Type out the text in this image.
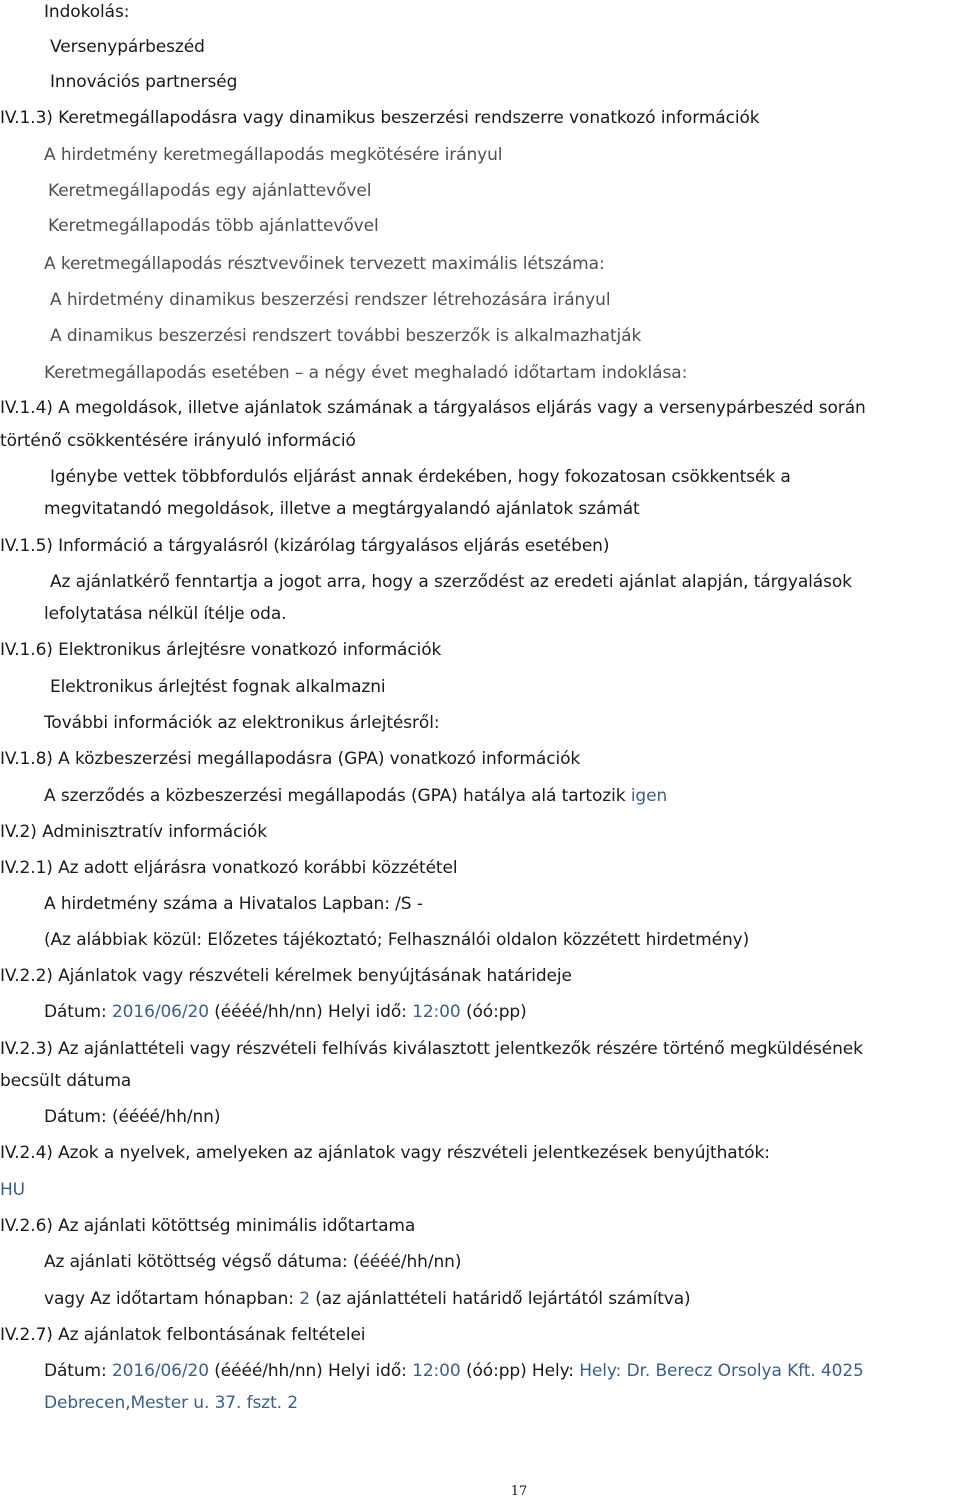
Indokolás:

Versenypárbeszéd

Innovációs partnerség

IV.1.3) Keretmegállapodásra vagy dinamikus beszerzési rendszerre vonatkozó információk

A hirdetmény keretmegállapodás megkötésére irányul

Keretmegállapodás egy ajánlattevővel

Keretmegállapodás több ajánlattevővel

A keretmegállapodás résztvevőinek tervezett maximális létszáma:

A hirdetmény dinamikus beszerzési rendszer létrehozására irányul

A dinamikus beszerzési rendszert további beszerzők is alkalmazhatják

Keretmegállapodás esetében – a négy évet meghaladó időtartam indoklása:

IV.1.4) A megoldások, illetve ajánlatok számának a tárgyalásos eljárás vagy a versenypárbeszéd során

történő csökkentésére irányuló információ

Igénybe vettek többfordulós eljárást annak érdekében, hogy fokozatosan csökkentsék a

megvitatandó megoldások, illetve a megtárgyalandó ajánlatok számát

IV.1.5) Információ a tárgyalásról (kizárólag tárgyalásos eljárás esetében)

Az ajánlatkérő fenntartja a jogot arra, hogy a szerződést az eredeti ajánlat alapján, tárgyalások

lefolytatása nélkül ítélje oda.

IV.1.6) Elektronikus árlejtésre vonatkozó információk

Elektronikus árlejtést fognak alkalmazni

További információk az elektronikus árlejtésről:

IV.1.8) A közbeszerzési megállapodásra (GPA) vonatkozó információk

A szerződés a közbeszerzési megállapodás (GPA) hatálya alá tartozik igen

IV.2) Adminisztratív információk

IV.2.1) Az adott eljárásra vonatkozó korábbi közzététel

A hirdetmény száma a Hivatalos Lapban: /S -

(Az alábbiak közül: Előzetes tájékoztató; Felhasználói oldalon közzétett hirdetmény)

IV.2.2) Ajánlatok vagy részvételi kérelmek benyújtásának határideje

Dátum: 2016/06/20 (éééé/hh/nn) Helyi idő: 12:00 (óó:pp)

IV.2.3) Az ajánlattételi vagy részvételi felhívás kiválasztott jelentkezők részére történő megküldésének

becsült dátuma

Dátum: (éééé/hh/nn)

IV.2.4) Azok a nyelvek, amelyeken az ajánlatok vagy részvételi jelentkezések benyújthatók:

HU

IV.2.6) Az ajánlati kötöttség minimális időtartama

Az ajánlati kötöttség végső dátuma: (éééé/hh/nn)

vagy Az időtartam hónapban: 2 (az ajánlattételi határidő lejártától számítva)

IV.2.7) Az ajánlatok felbontásának feltételei

Dátum: 2016/06/20 (éééé/hh/nn) Helyi idő: 12:00 (óó:pp) Hely: Hely: Dr. Berecz Orsolya Kft. 4025

Debrecen,Mester u. 37. fszt. 2

17
